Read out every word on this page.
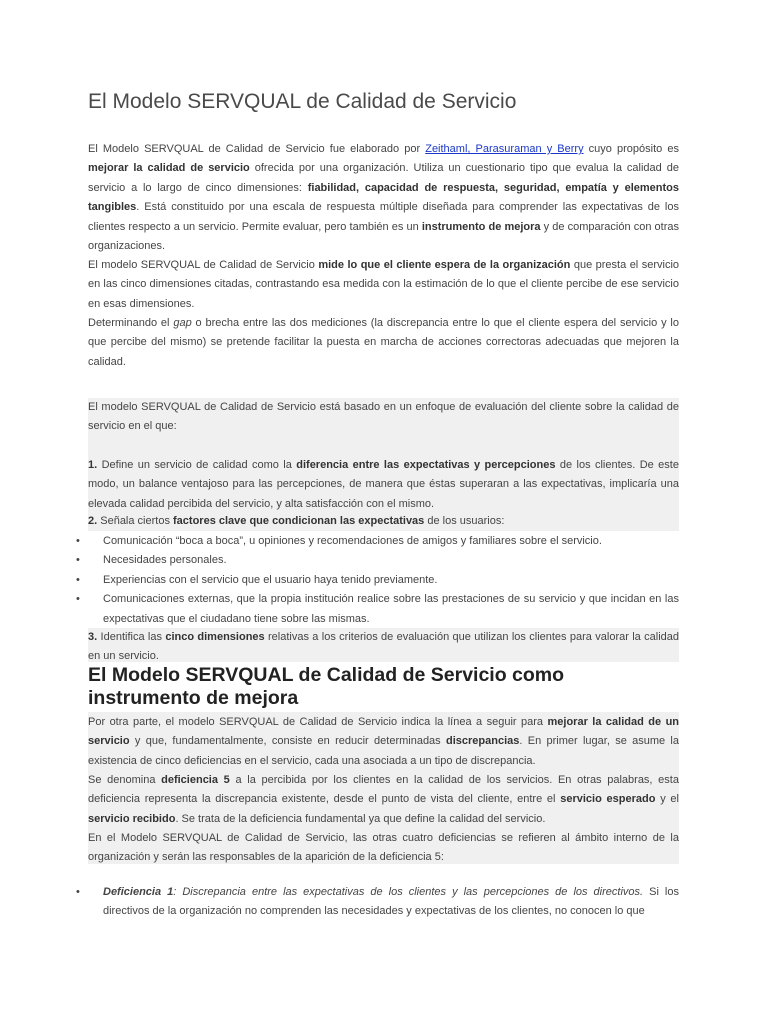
El Modelo SERVQUAL de Calidad de Servicio

El Modelo SERVQUAL de Calidad de Servicio fue elaborado por Zeithaml, Parasuraman y Berry cuyo propósito es mejorar la calidad de servicio ofrecida por una organización. Utiliza un cuestionario tipo que evalua la calidad de servicio a lo largo de cinco dimensiones: fiabilidad, capacidad de respuesta, seguridad, empatía y elementos tangibles. Está constituido por una escala de respuesta múltiple diseñada para comprender las expectativas de los clientes respecto a un servicio. Permite evaluar, pero también es un instrumento de mejora y de comparación con otras organizaciones.

El modelo SERVQUAL de Calidad de Servicio mide lo que el cliente espera de la organización que presta el servicio en las cinco dimensiones citadas, contrastando esa medida con la estimación de lo que el cliente percibe de ese servicio en esas dimensiones.

Determinando el gap o brecha entre las dos mediciones (la discrepancia entre lo que el cliente espera del servicio y lo que percibe del mismo) se pretende facilitar la puesta en marcha de acciones correctoras adecuadas que mejoren la calidad.

El modelo SERVQUAL de Calidad de Servicio está basado en un enfoque de evaluación del cliente sobre la calidad de servicio en el que:

1. Define un servicio de calidad como la diferencia entre las expectativas y percepciones de los clientes. De este modo, un balance ventajoso para las percepciones, de manera que éstas superaran a las expectativas, implicaría una elevada calidad percibida del servicio, y alta satisfacción con el mismo.

2. Señala ciertos factores clave que condicionan las expectativas de los usuarios:

• Comunicación “boca a boca”, u opiniones y recomendaciones de amigos y familiares sobre el servicio.
• Necesidades personales.
• Experiencias con el servicio que el usuario haya tenido previamente.
• Comunicaciones externas, que la propia institución realice sobre las prestaciones de su servicio y que incidan en las expectativas que el ciudadano tiene sobre las mismas.

3. Identifica las cinco dimensiones relativas a los criterios de evaluación que utilizan los clientes para valorar la calidad en un servicio.

El Modelo SERVQUAL de Calidad de Servicio como instrumento de mejora

Por otra parte, el modelo SERVQUAL de Calidad de Servicio indica la línea a seguir para mejorar la calidad de un servicio y que, fundamentalmente, consiste en reducir determinadas discrepancias. En primer lugar, se asume la existencia de cinco deficiencias en el servicio, cada una asociada a un tipo de discrepancia.

Se denomina deficiencia 5 a la percibida por los clientes en la calidad de los servicios. En otras palabras, esta deficiencia representa la discrepancia existente, desde el punto de vista del cliente, entre el servicio esperado y el servicio recibido. Se trata de la deficiencia fundamental ya que define la calidad del servicio.

En el Modelo SERVQUAL de Calidad de Servicio, las otras cuatro deficiencias se refieren al ámbito interno de la organización y serán las responsables de la aparición de la deficiencia 5:

• Deficiencia 1: Discrepancia entre las expectativas de los clientes y las percepciones de los directivos. Si los directivos de la organización no comprenden las necesidades y expectativas de los clientes, no conocen lo que
